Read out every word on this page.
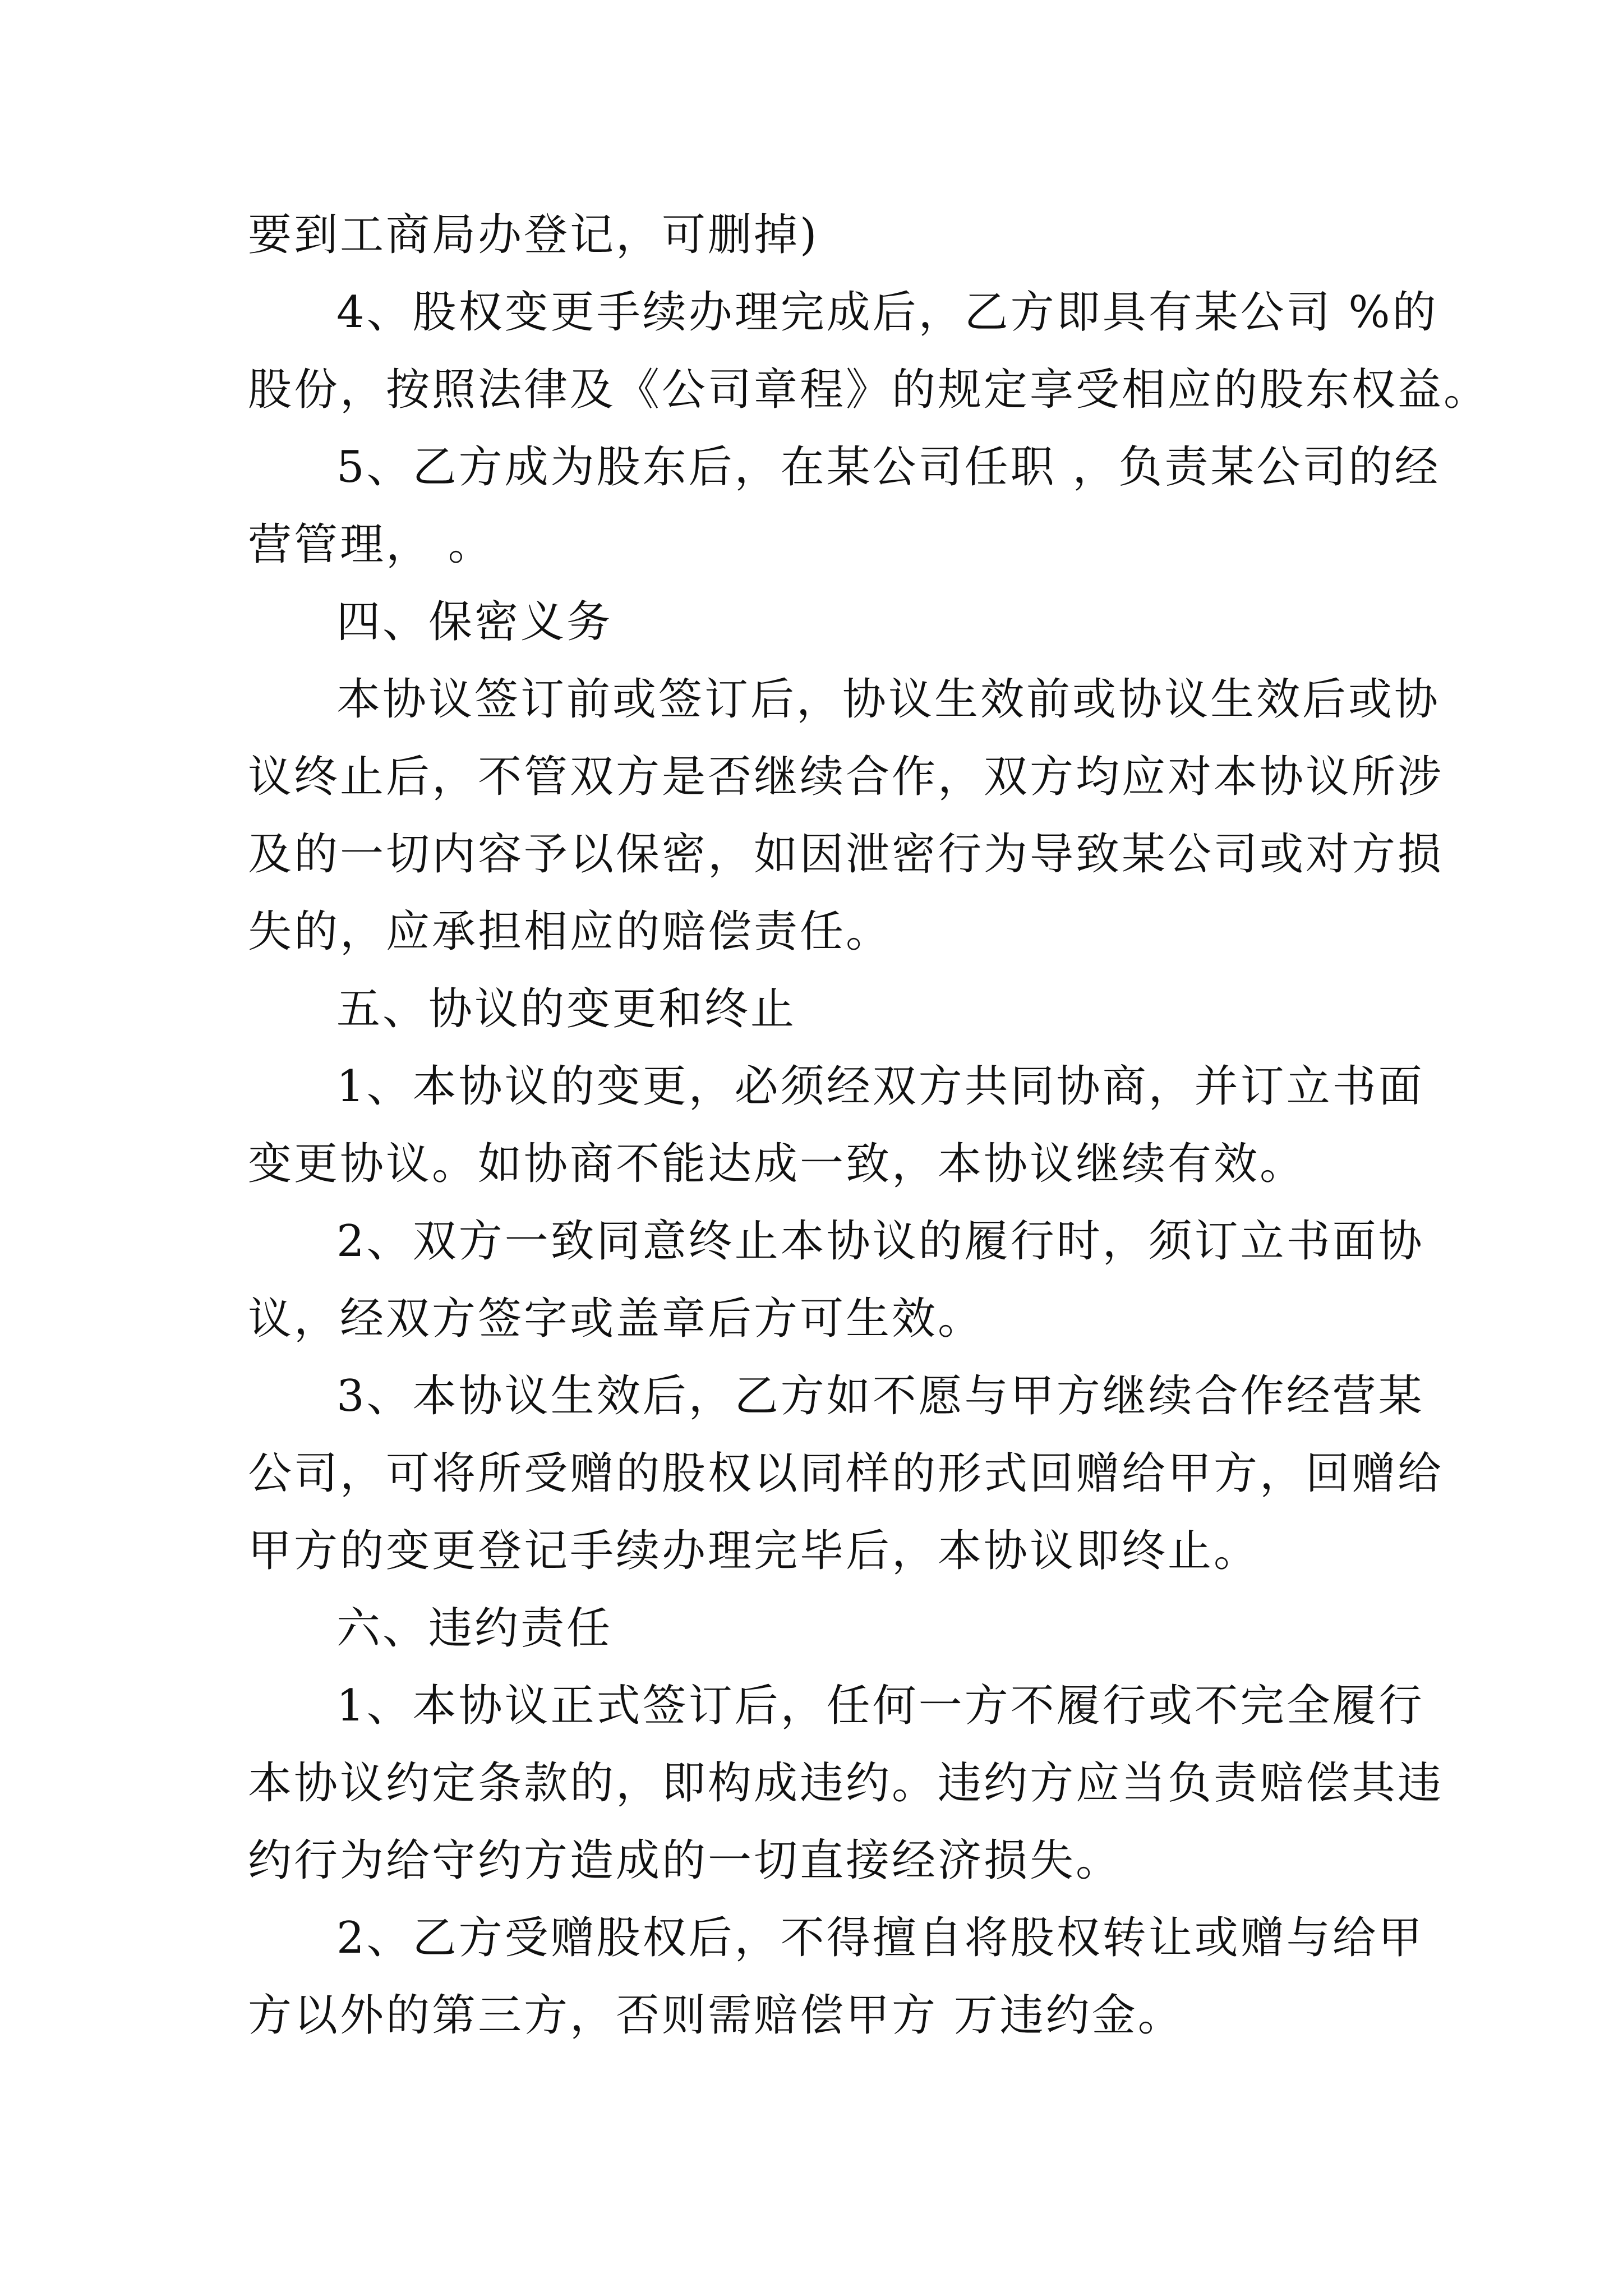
要到工商局办登记，可删掉)
4、股权变更手续办理完成后，乙方即具有某公司 %的
股份，按照法律及《公司章程》的规定享受相应的股东权益。
5、乙方成为股东后，在某公司任职 ，负责某公司的经
营管理， 。
四、保密义务
本协议签订前或签订后，协议生效前或协议生效后或协
议终止后，不管双方是否继续合作，双方均应对本协议所涉
及的一切内容予以保密，如因泄密行为导致某公司或对方损
失的，应承担相应的赔偿责任。
五、协议的变更和终止
1、本协议的变更，必须经双方共同协商，并订立书面
变更协议。如协商不能达成一致，本协议继续有效。
2、双方一致同意终止本协议的履行时，须订立书面协
议，经双方签字或盖章后方可生效。
3、本协议生效后，乙方如不愿与甲方继续合作经营某
公司，可将所受赠的股权以同样的形式回赠给甲方，回赠给
甲方的变更登记手续办理完毕后，本协议即终止。
六、违约责任
1、本协议正式签订后，任何一方不履行或不完全履行
本协议约定条款的，即构成违约。违约方应当负责赔偿其违
约行为给守约方造成的一切直接经济损失。
2、乙方受赠股权后，不得擅自将股权转让或赠与给甲
方以外的第三方，否则需赔偿甲方 万违约金。
